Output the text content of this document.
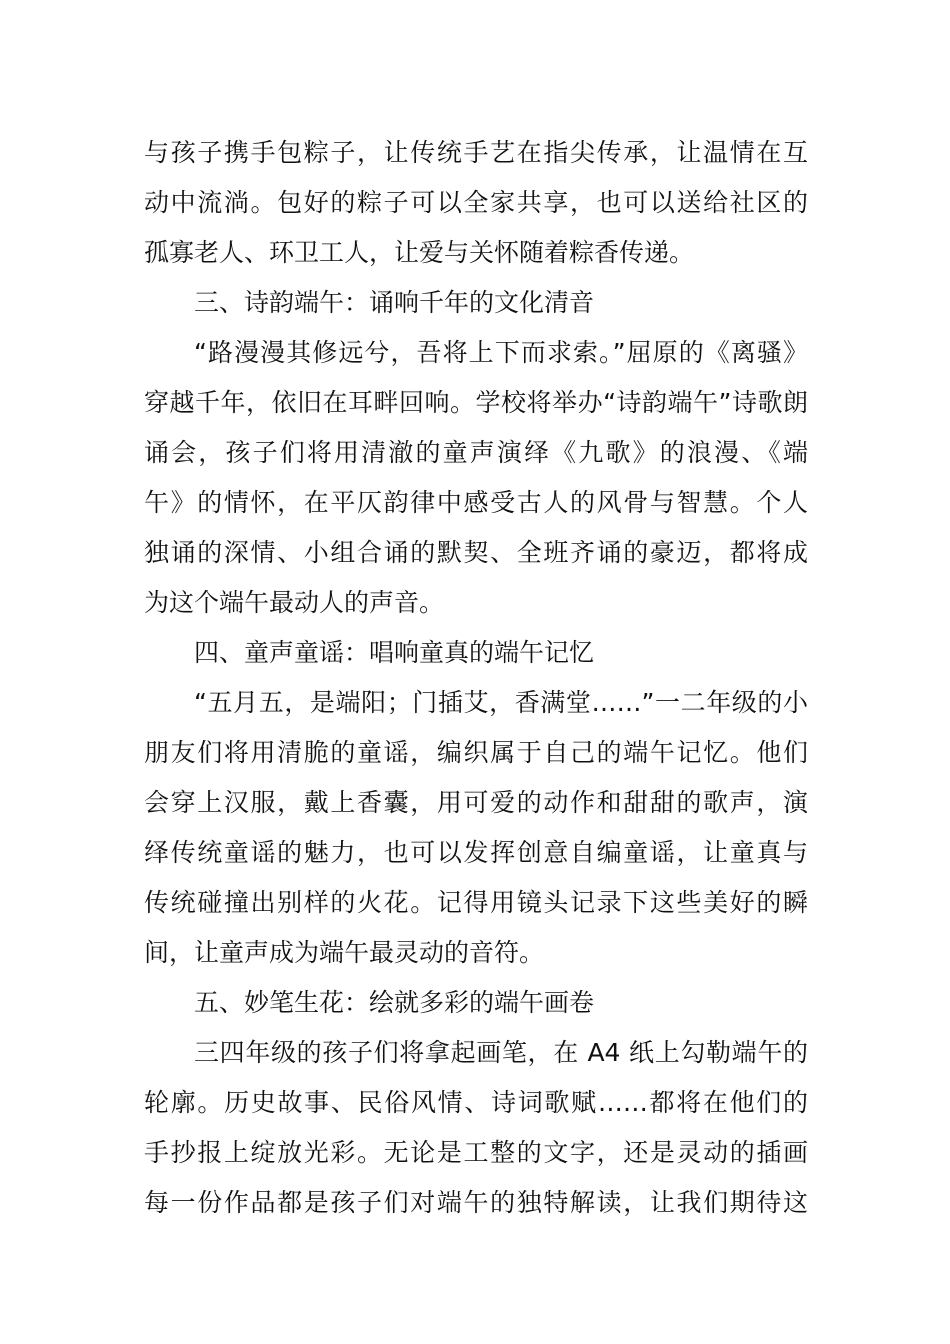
与孩子携手包粽子，让传统手艺在指尖传承，让温情在互
动中流淌。包好的粽子可以全家共享，也可以送给社区的
孤寡老人、环卫工人，让爱与关怀随着粽香传递。
三、诗韵端午：诵响千年的文化清音
“路漫漫其修远兮，吾将上下而求索。”屈原的《离骚》
穿越千年，依旧在耳畔回响。学校将举办“诗韵端午”诗歌朗
诵会，孩子们将用清澈的童声演绎《九歌》的浪漫、《端
午》的情怀，在平仄韵律中感受古人的风骨与智慧。个人
独诵的深情、小组合诵的默契、全班齐诵的豪迈，都将成
为这个端午最动人的声音。
四、童声童谣：唱响童真的端午记忆
“五月五，是端阳；门插艾，香满堂……”一二年级的小
朋友们将用清脆的童谣，编织属于自己的端午记忆。他们
会穿上汉服，戴上香囊，用可爱的动作和甜甜的歌声，演
绎传统童谣的魅力，也可以发挥创意自编童谣，让童真与
传统碰撞出别样的火花。记得用镜头记录下这些美好的瞬
间，让童声成为端午最灵动的音符。
五、妙笔生花：绘就多彩的端午画卷
三四年级的孩子们将拿起画笔，在 A4 纸上勾勒端午的
轮廓。历史故事、民俗风情、诗词歌赋……都将在他们的
手抄报上绽放光彩。无论是工整的文字，还是灵动的插画
每一份作品都是孩子们对端午的独特解读，让我们期待这
